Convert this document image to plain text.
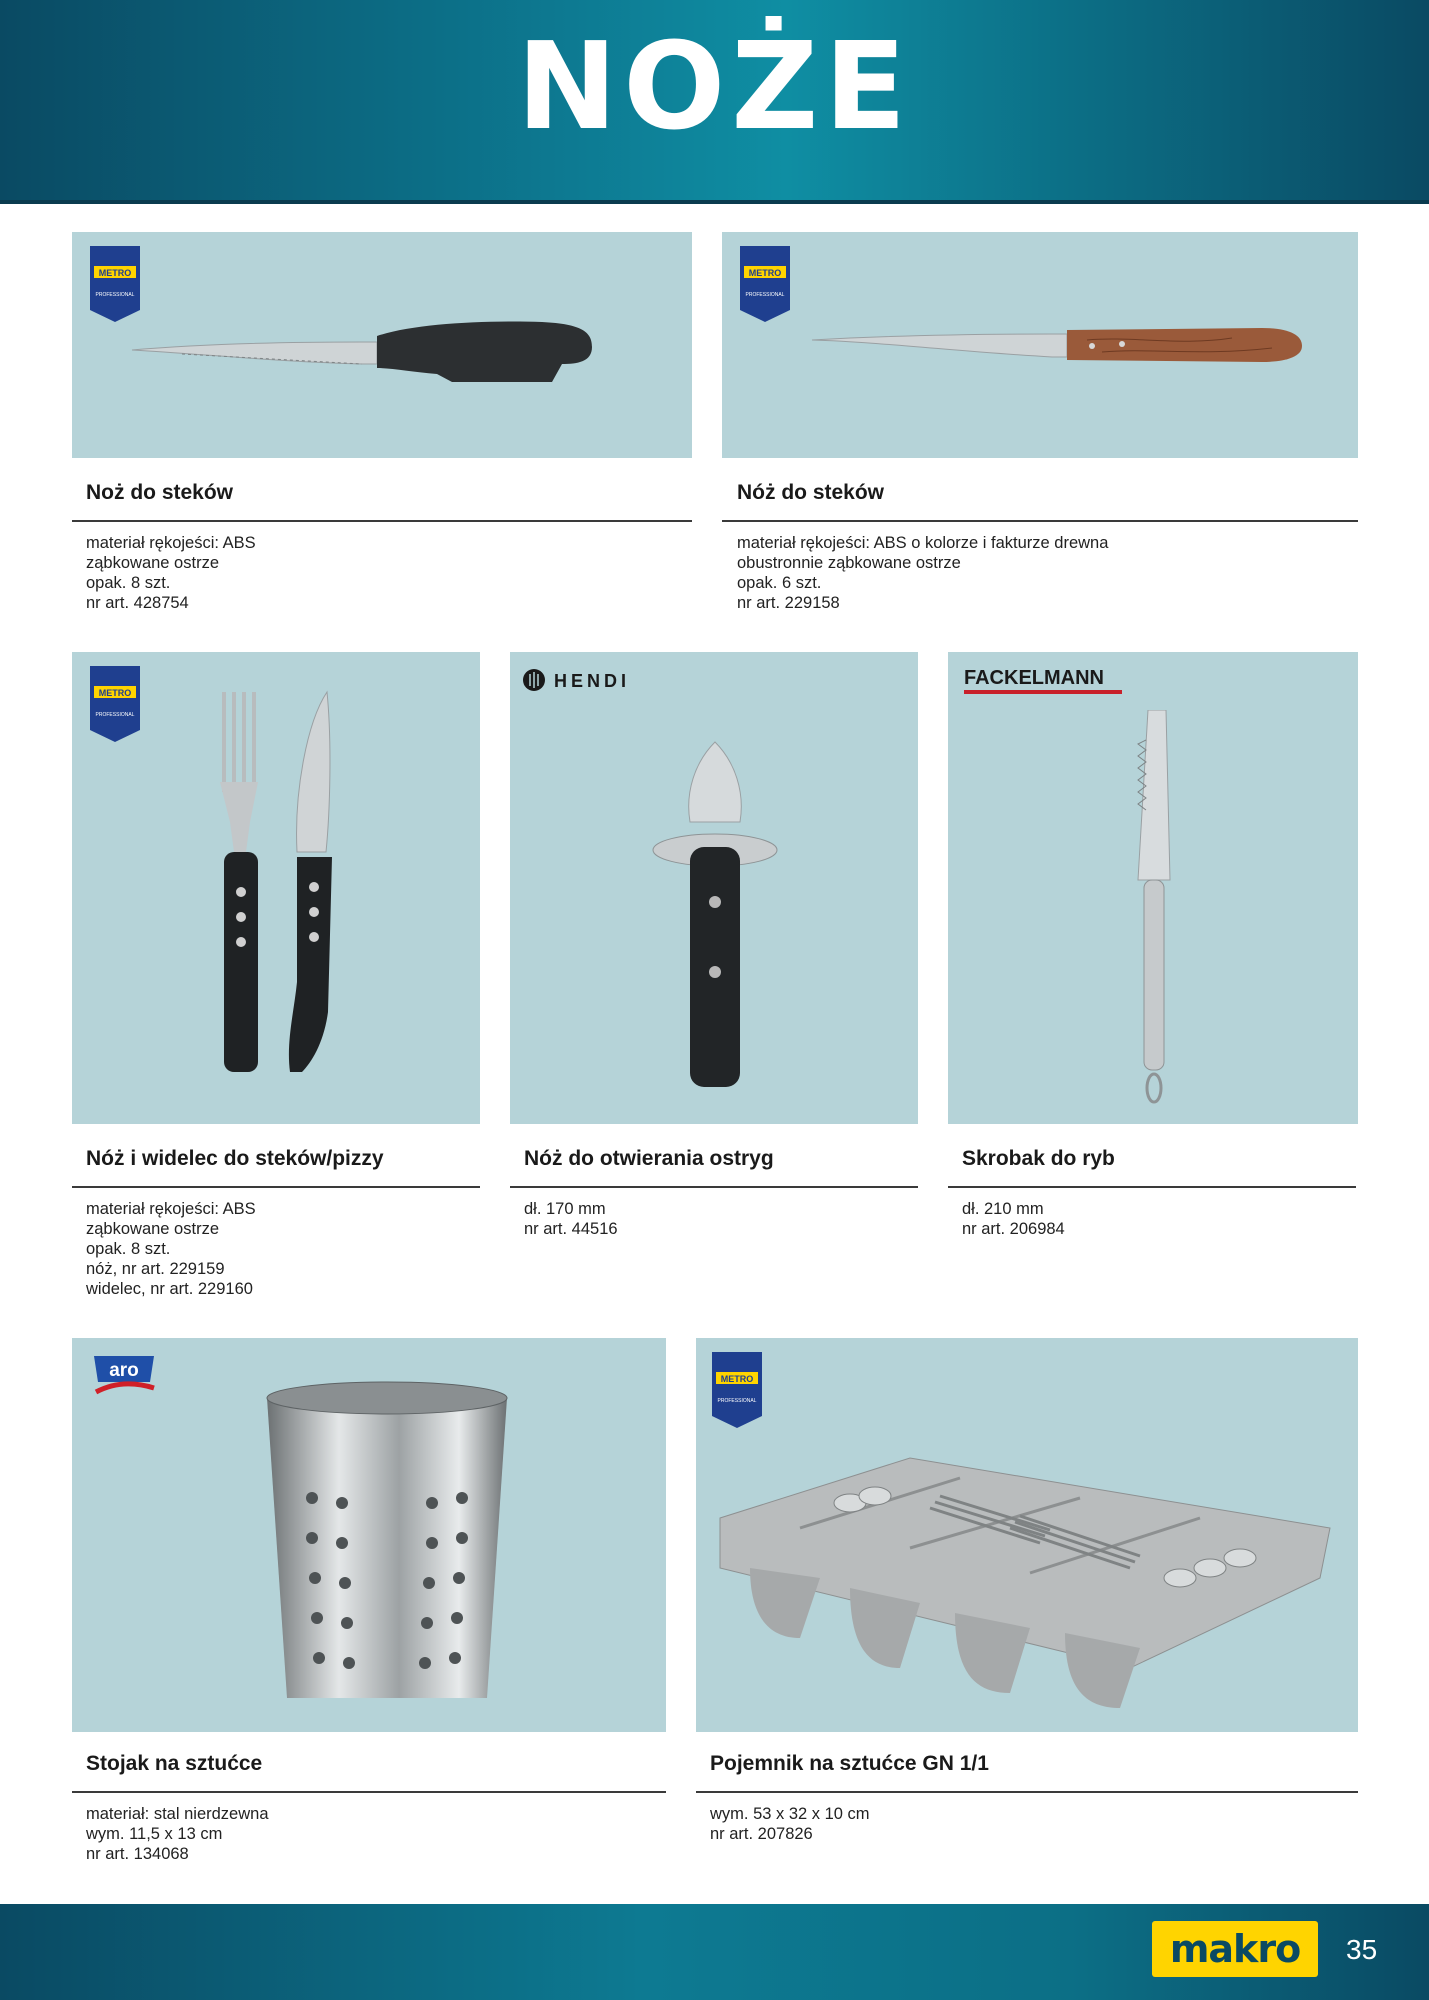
NOŻE
METRO
PROFESSIONAL
Noż do steków
materiał rękojeści: ABS
ząbkowane ostrze
opak. 8 szt.
nr art. 428754
METRO
PROFESSIONAL
Nóż do steków
materiał rękojeści: ABS o kolorze i fakturze drewna
obustronnie ząbkowane ostrze
opak. 6 szt.
nr art. 229158
METRO
PROFESSIONAL
Nóż i widelec do steków/pizzy
materiał rękojeści: ABS
ząbkowane ostrze
opak. 8 szt.
nóż, nr art. 229159
widelec, nr art. 229160
HENDI
Nóż do otwierania ostryg
dł. 170 mm
nr art. 44516
FACKELMANN
Skrobak do ryb
dł. 210 mm
nr art. 206984
aro
Stojak na sztućce
materiał: stal nierdzewna
wym. 11,5 x 13 cm
nr art. 134068
METRO
PROFESSIONAL
Pojemnik na sztućce GN 1/1
wym. 53 x 32 x 10 cm
nr art. 207826
makro	35
